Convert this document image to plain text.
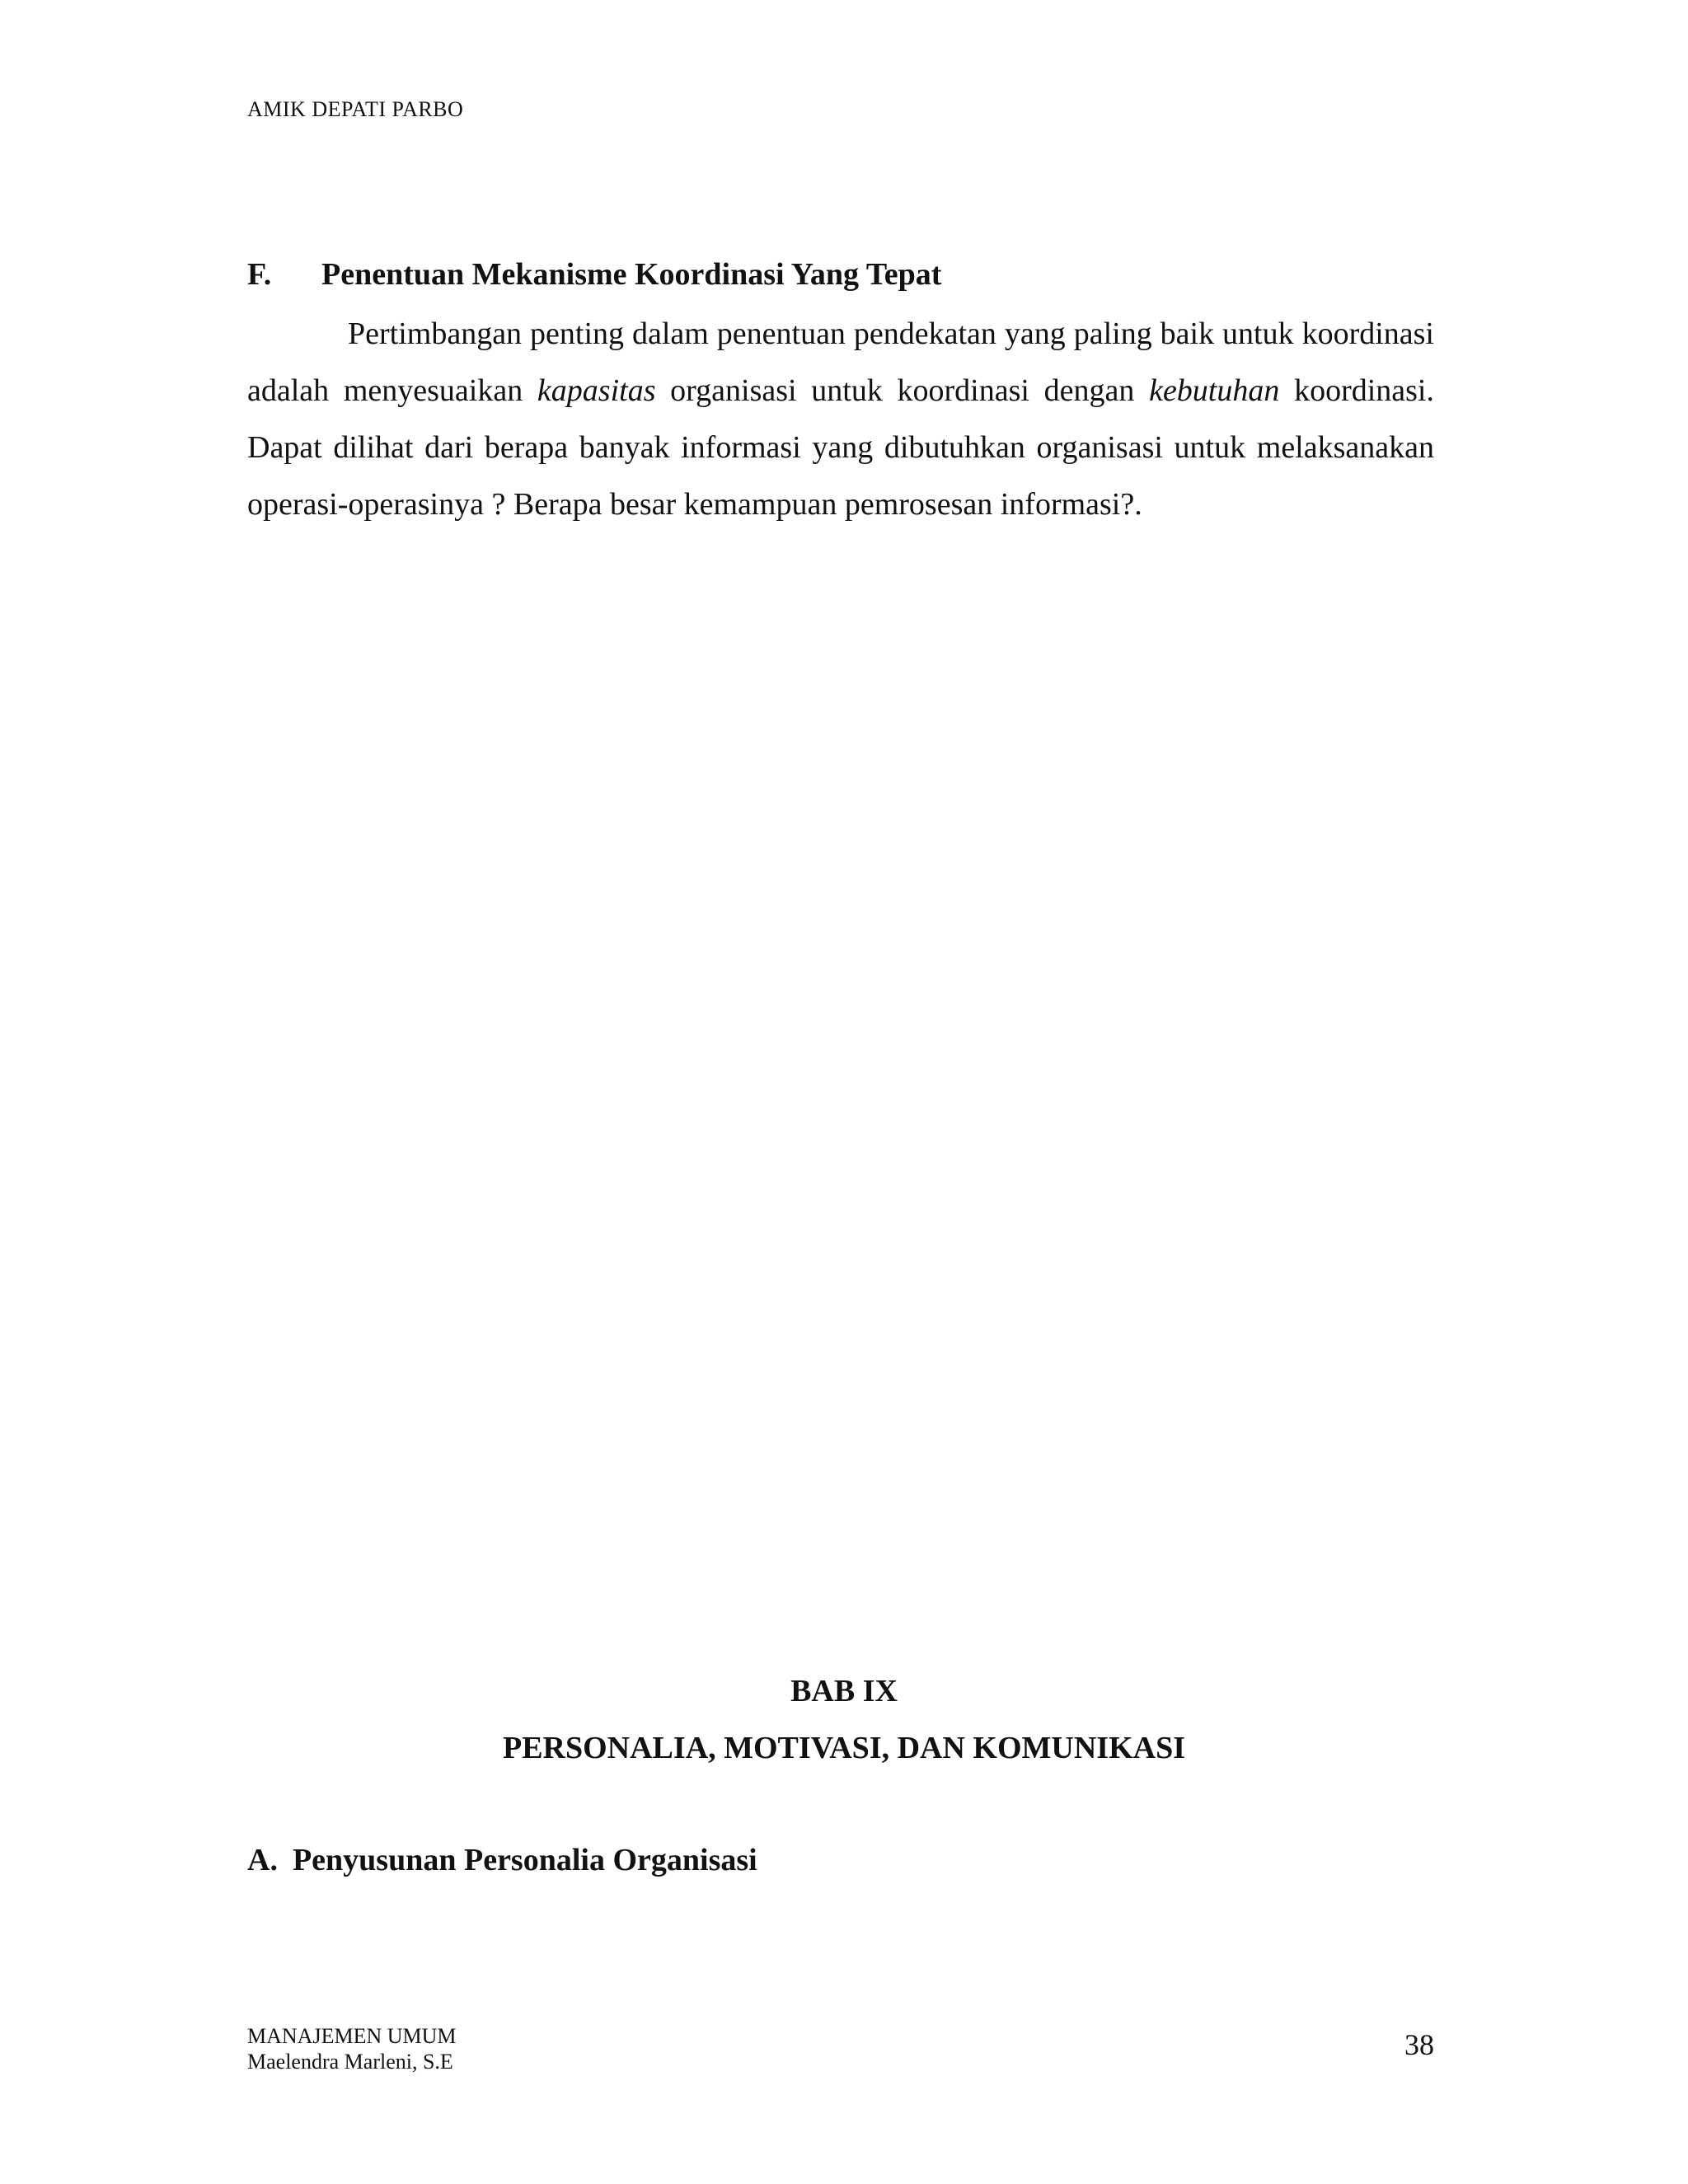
AMIK DEPATI PARBO
F.	Penentuan Mekanisme Koordinasi Yang Tepat

Pertimbangan penting dalam penentuan pendekatan yang paling baik untuk koordinasi adalah menyesuaikan kapasitas organisasi untuk koordinasi dengan kebutuhan koordinasi. Dapat dilihat dari berapa banyak informasi yang dibutuhkan organisasi untuk melaksanakan operasi-operasinya ? Berapa besar kemampuan pemrosesan informasi?.

BAB IX
PERSONALIA, MOTIVASI, DAN KOMUNIKASI
A. Penyusunan Personalia Organisasi
MANAJEMEN UMUM
Maelendra Marleni, S.E
38
